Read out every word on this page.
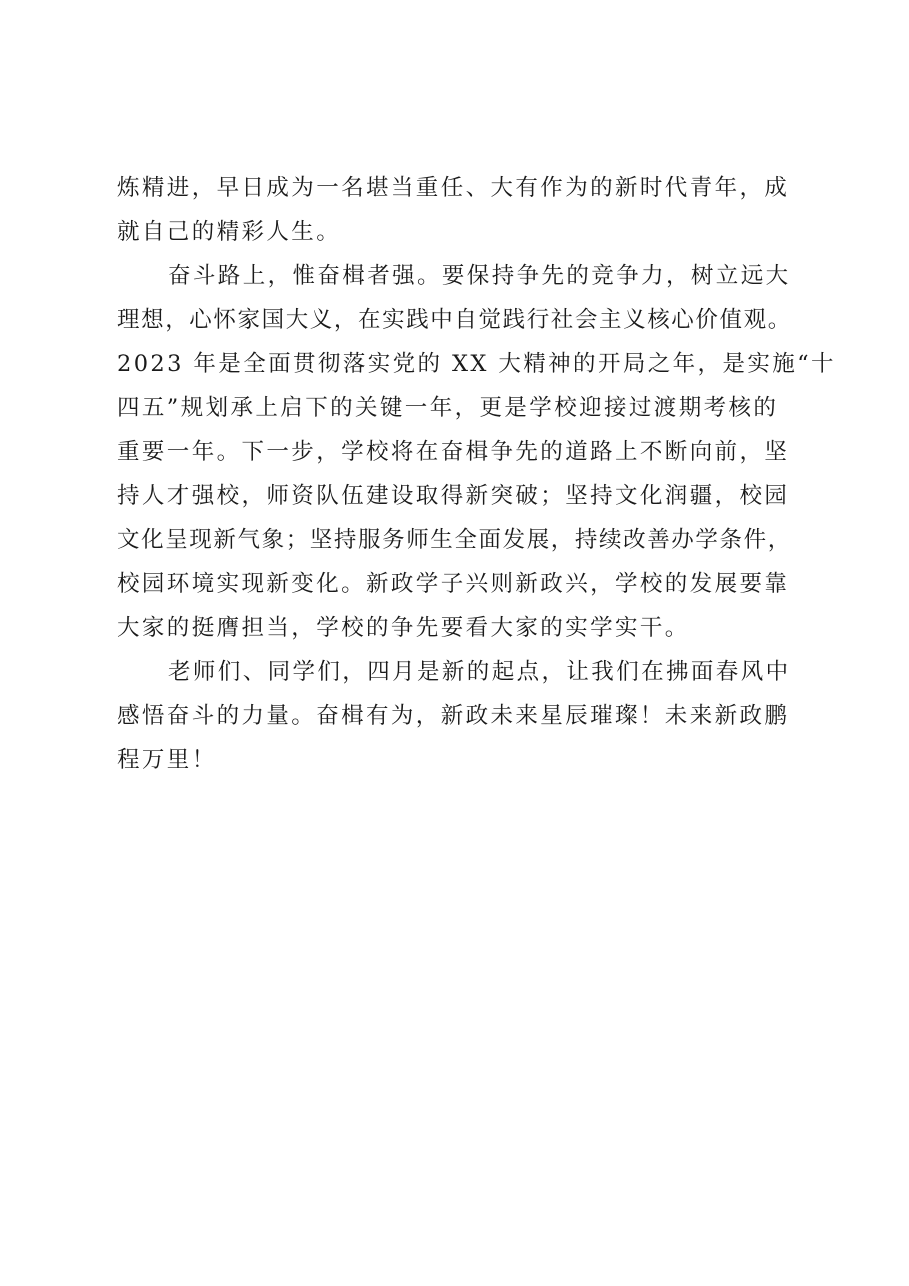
炼精进，早日成为一名堪当重任、大有作为的新时代青年，成
就自己的精彩人生。
奋斗路上，惟奋楫者强。要保持争先的竞争力，树立远大
理想，心怀家国大义，在实践中自觉践行社会主义核心价值观。
2023 年是全面贯彻落实党的 XX 大精神的开局之年，是实施“十
四五”规划承上启下的关键一年，更是学校迎接过渡期考核的
重要一年。下一步，学校将在奋楫争先的道路上不断向前，坚
持人才强校，师资队伍建设取得新突破；坚持文化润疆，校园
文化呈现新气象；坚持服务师生全面发展，持续改善办学条件，
校园环境实现新变化。新政学子兴则新政兴，学校的发展要靠
大家的挺膺担当，学校的争先要看大家的实学实干。
老师们、同学们，四月是新的起点，让我们在拂面春风中
感悟奋斗的力量。奋楫有为，新政未来星辰璀璨！未来新政鹏
程万里！
